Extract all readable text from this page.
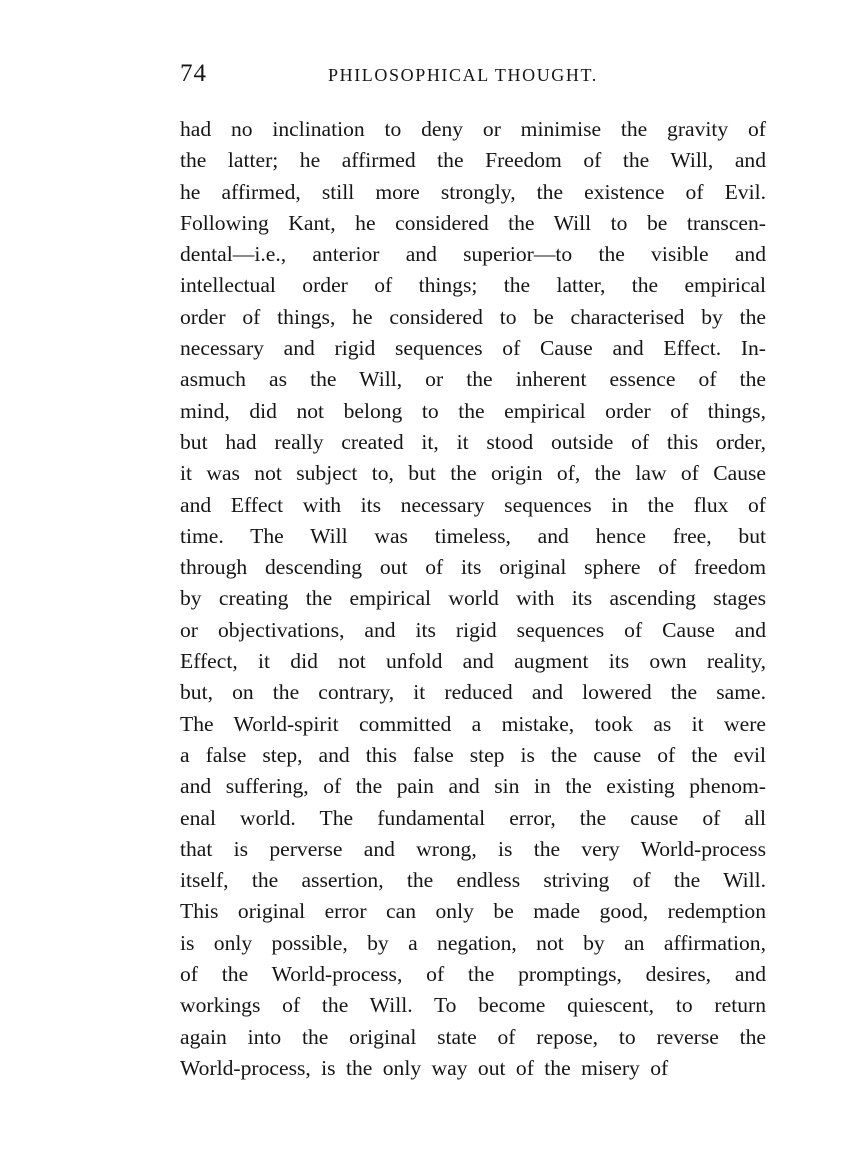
74	PHILOSOPHICAL THOUGHT.
had no inclination to deny or minimise the gravity of
the latter; he affirmed the Freedom of the Will, and
he affirmed, still more strongly, the existence of Evil.
Following Kant, he considered the Will to be transcen-
dental—i.e., anterior and superior—to the visible and
intellectual order of things; the latter, the empirical
order of things, he considered to be characterised by the
necessary and rigid sequences of Cause and Effect. In-
asmuch as the Will, or the inherent essence of the
mind, did not belong to the empirical order of things,
but had really created it, it stood outside of this order,
it was not subject to, but the origin of, the law of Cause
and Effect with its necessary sequences in the flux of
time. The Will was timeless, and hence free, but
through descending out of its original sphere of freedom
by creating the empirical world with its ascending stages
or objectivations, and its rigid sequences of Cause and
Effect, it did not unfold and augment its own reality,
but, on the contrary, it reduced and lowered the same.
The World-spirit committed a mistake, took as it were
a false step, and this false step is the cause of the evil
and suffering, of the pain and sin in the existing phenom-
enal world. The fundamental error, the cause of all
that is perverse and wrong, is the very World-process
itself, the assertion, the endless striving of the Will.
This original error can only be made good, redemption
is only possible, by a negation, not by an affirmation,
of the World-process, of the promptings, desires, and
workings of the Will. To become quiescent, to return
again into the original state of repose, to reverse the
World-process, is the only way out of the misery of
